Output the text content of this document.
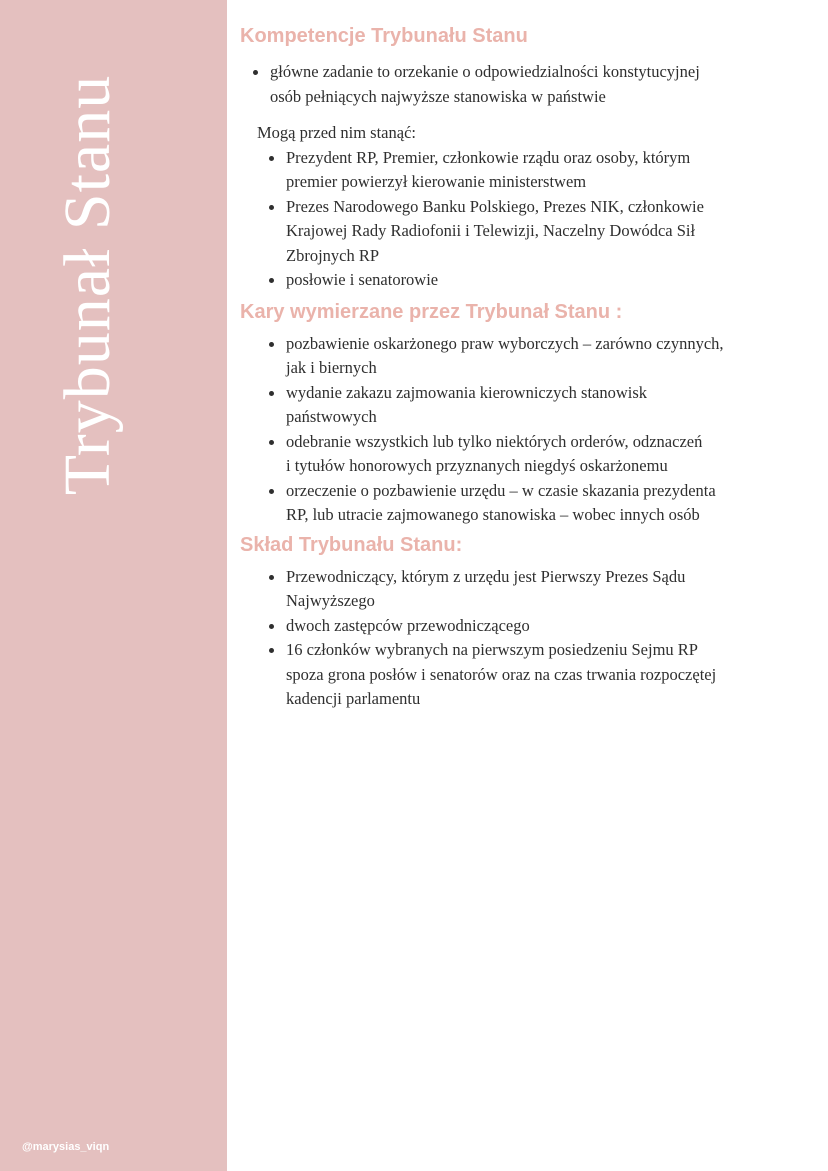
Trybunał Stanu
@marysias_viqn
Kompetencje Trybunału Stanu
główne zadanie to orzekanie o odpowiedzialności konstytucyjnej
osób pełniących najwyższe stanowiska w państwie
Mogą przed nim stanąć:
Prezydent RP, Premier, członkowie rządu oraz osoby, którym
premier powierzył kierowanie ministerstwem
Prezes Narodowego Banku Polskiego, Prezes NIK, członkowie
Krajowej Rady Radiofonii i Telewizji, Naczelny Dowódca Sił
Zbrojnych RP
posłowie i senatorowie
Kary wymierzane przez Trybunał Stanu :
pozbawienie oskarżonego praw wyborczych – zarówno czynnych,
jak i biernych
wydanie zakazu zajmowania kierowniczych stanowisk
państwowych
odebranie wszystkich lub tylko niektórych orderów, odznaczeń
i tytułów honorowych przyznanych niegdyś oskarżonemu
orzeczenie o pozbawienie urzędu – w czasie skazania prezydenta
RP, lub utracie zajmowanego stanowiska – wobec innych osób
Skład Trybunału Stanu:
Przewodniczący, którym z urzędu jest Pierwszy Prezes Sądu
Najwyższego
dwoch zastępców przewodniczącego
16 członków wybranych na pierwszym posiedzeniu Sejmu RP
spoza grona posłów i senatorów oraz na czas trwania rozpoczętej
kadencji parlamentu
